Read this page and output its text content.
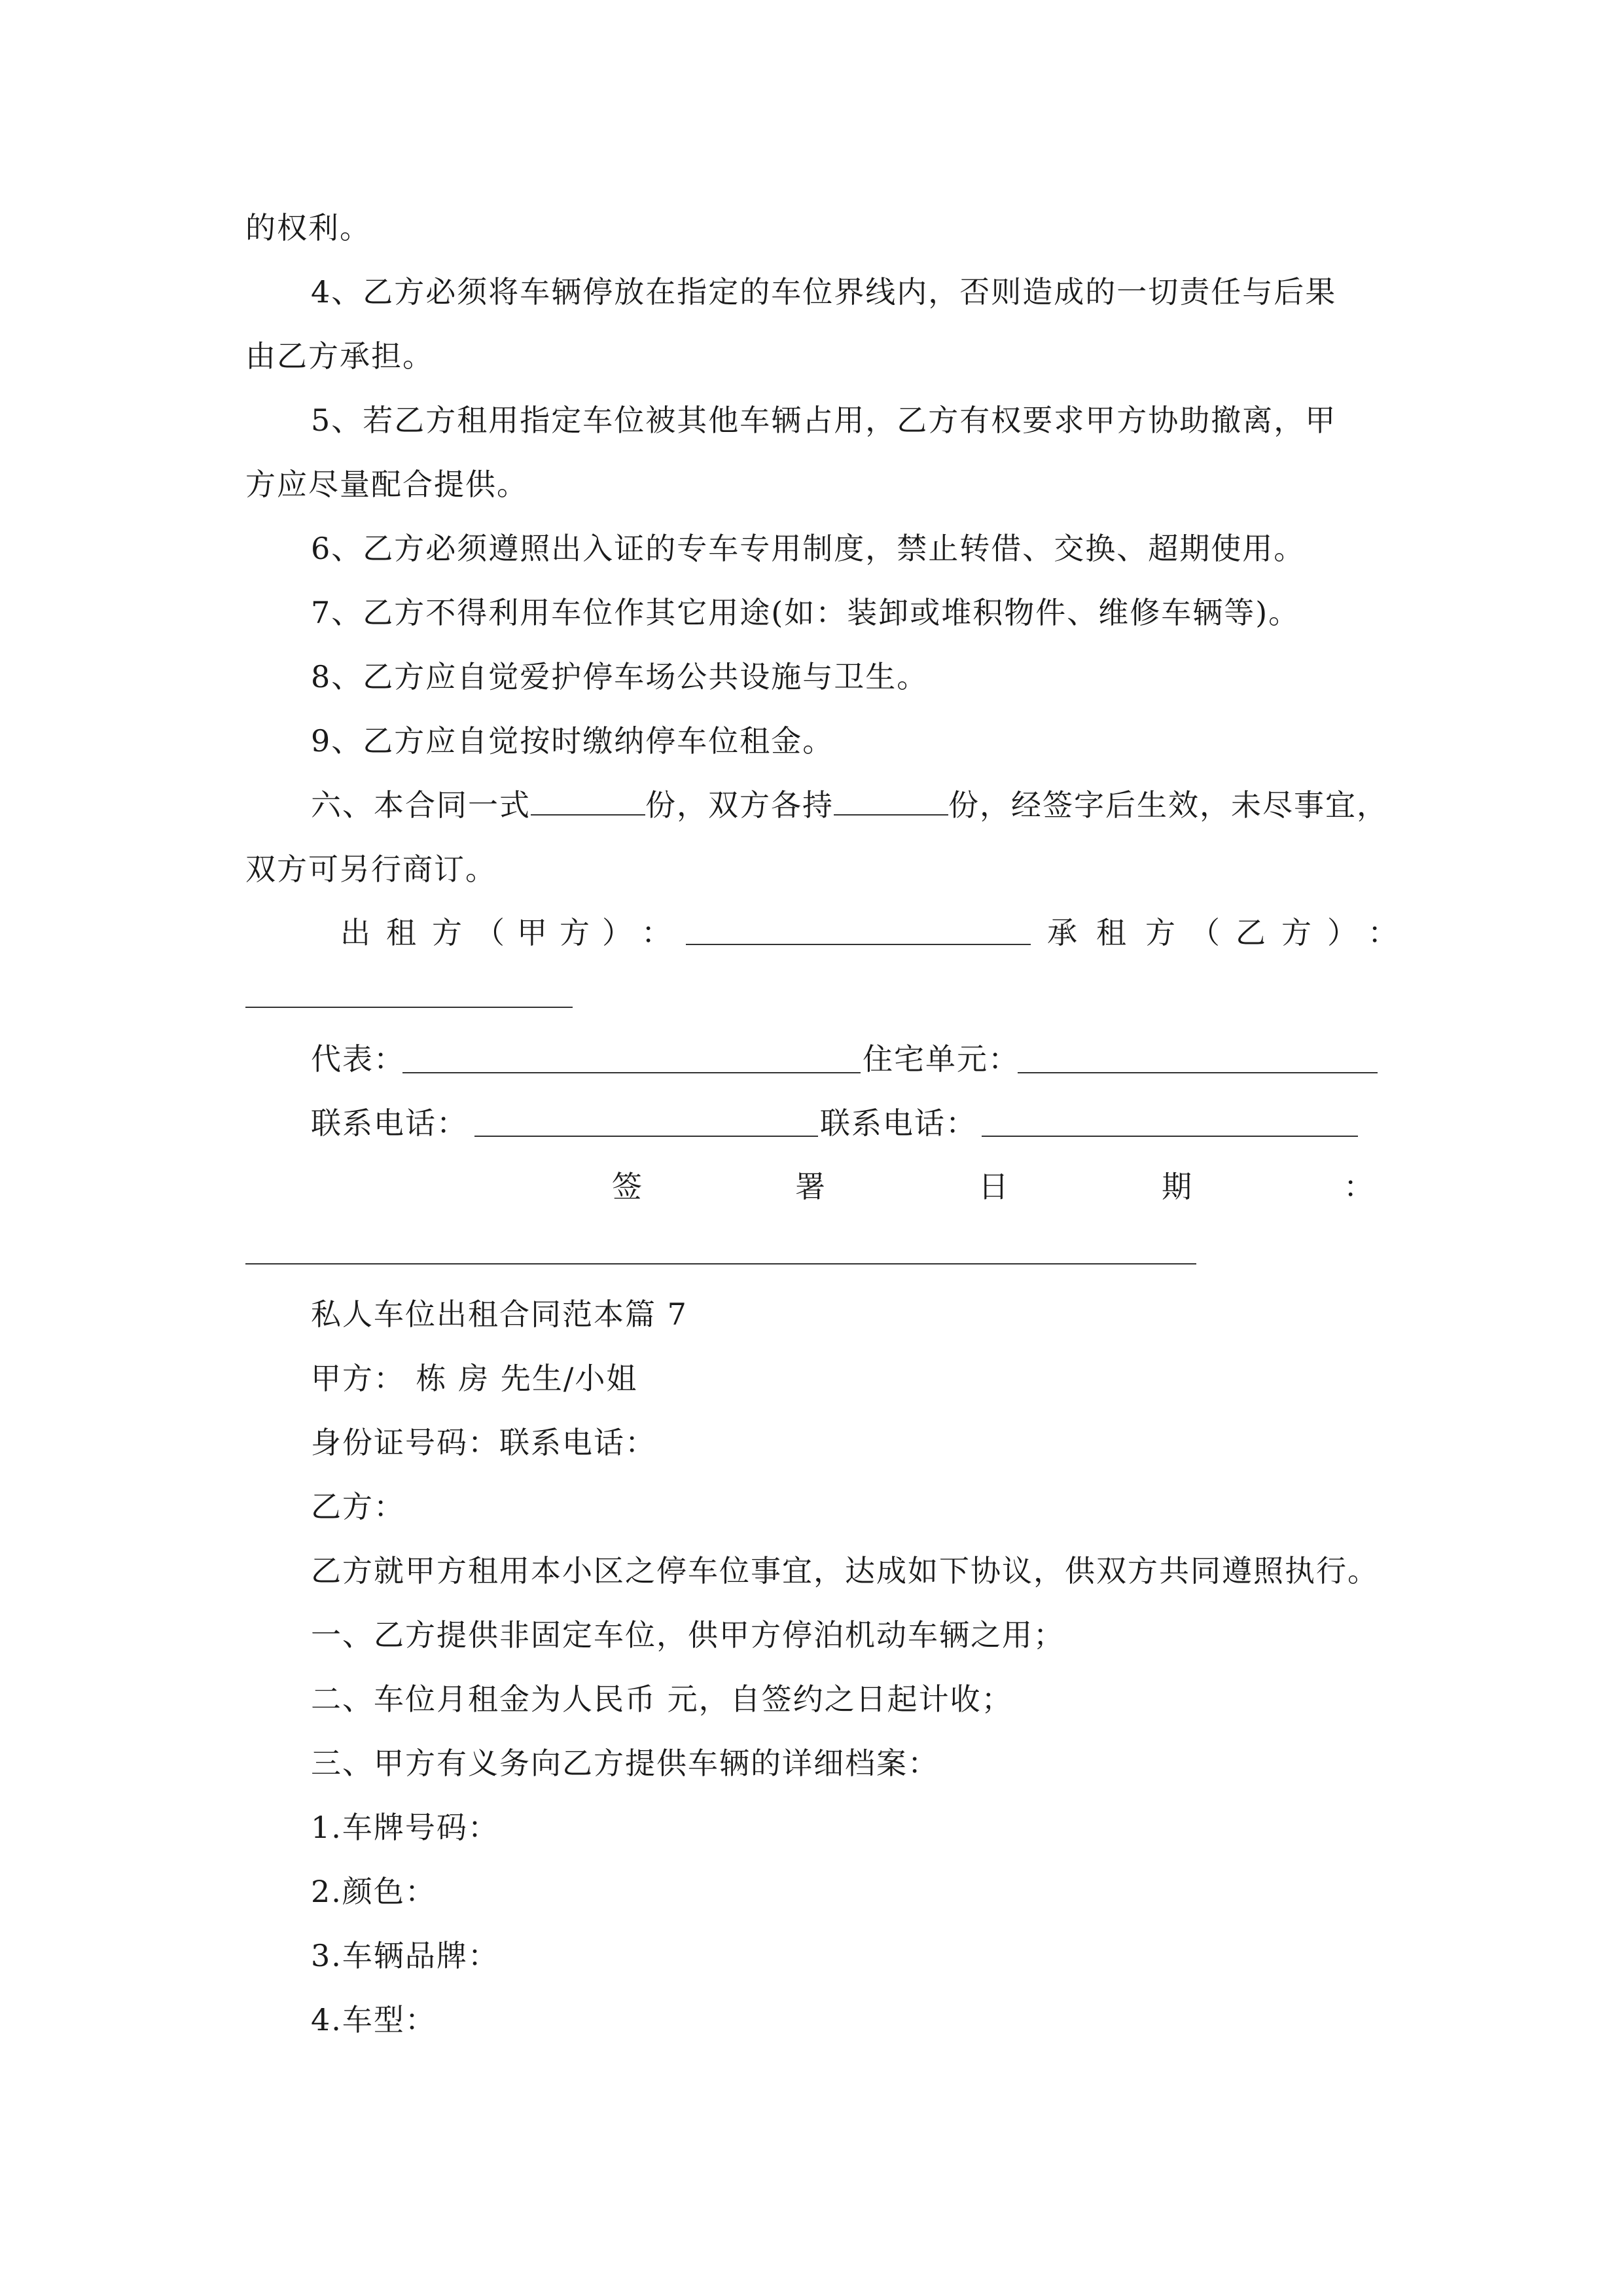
的权利。
4、乙方必须将车辆停放在指定的车位界线内，否则造成的一切责任与后果
由乙方承担。
5、若乙方租用指定车位被其他车辆占用，乙方有权要求甲方协助撤离，甲
方应尽量配合提供。
6、乙方必须遵照出入证的专车专用制度，禁止转借、交换、超期使用。
7、乙方不得利用车位作其它用途(如：装卸或堆积物件、维修车辆等)。
8、乙方应自觉爱护停车场公共设施与卫生。
9、乙方应自觉按时缴纳停车位租金。
六、本合同一式	份，双方各持	份，经签字后生效，未尽事宜，
双方可另行商订。
出 租 方 （ 甲 方 ） ：	承 租 方 （ 乙 方 ） ：
代表：	住宅单元：
联系电话：	联系电话：
签	署	日	期	：
私人车位出租合同范本篇 7
甲方： 栋 房 先生/小姐
身份证号码：联系电话：
乙方：
乙方就甲方租用本小区之停车位事宜，达成如下协议，供双方共同遵照执行。
一、乙方提供非固定车位，供甲方停泊机动车辆之用；
二、车位月租金为人民币 元，自签约之日起计收；
三、甲方有义务向乙方提供车辆的详细档案：
1.车牌号码：
2.颜色：
3.车辆品牌：
4.车型：
